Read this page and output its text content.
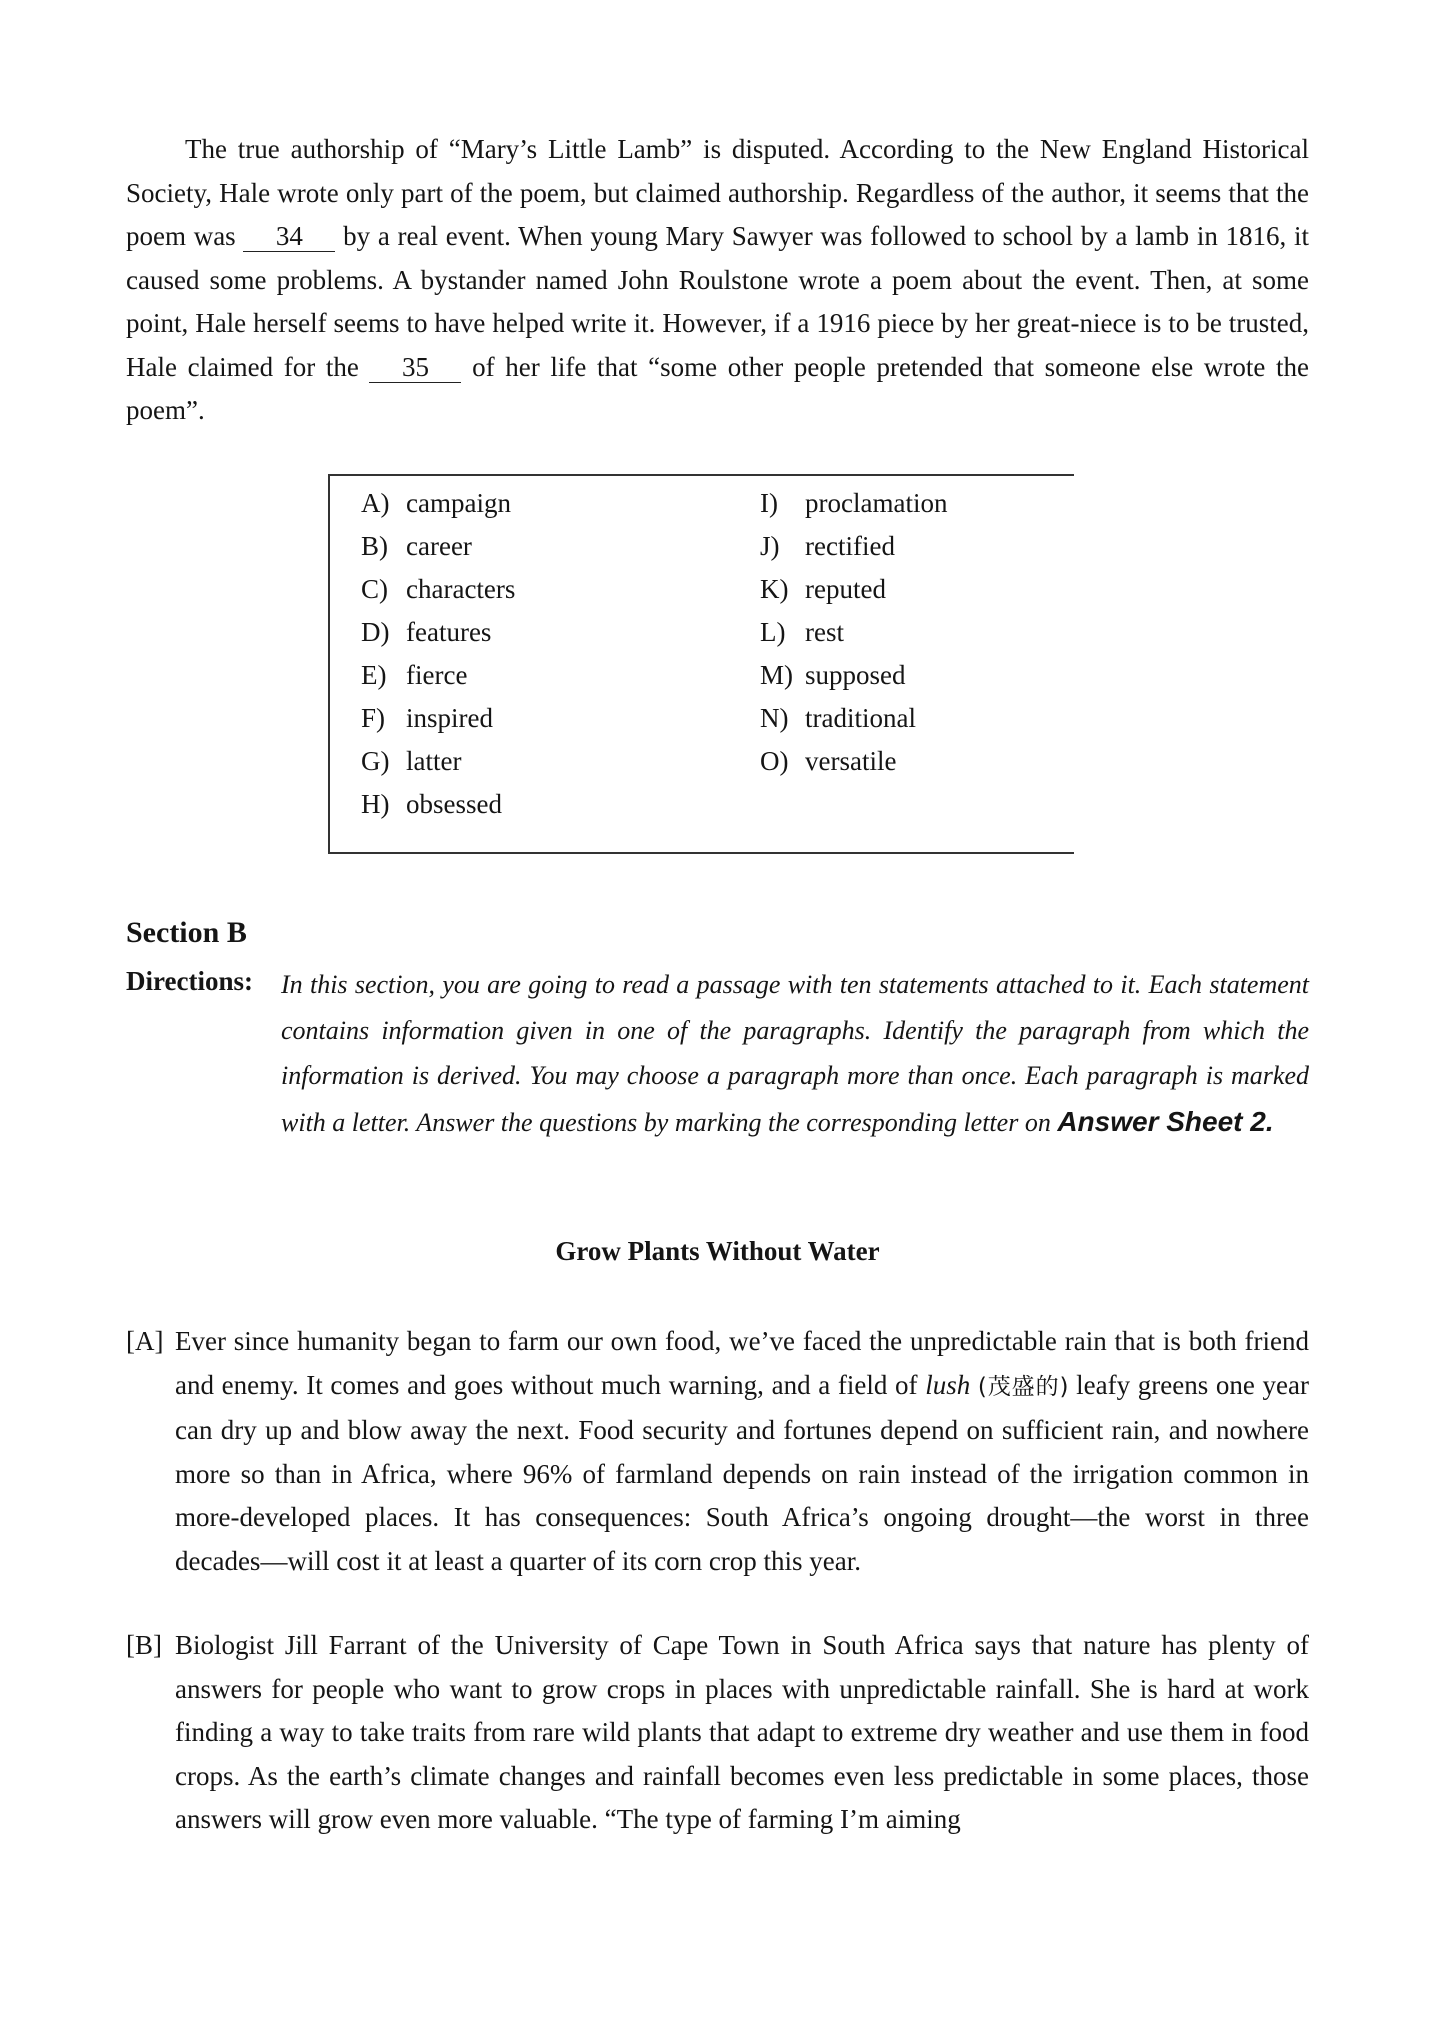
The true authorship of “Mary’s Little Lamb” is disputed. According to the New England Historical Society, Hale wrote only part of the poem, but claimed authorship. Regardless of the author, it seems that the poem was 34 by a real event. When young Mary Sawyer was followed to school by a lamb in 1816, it caused some problems. A bystander named John Roulstone wrote a poem about the event. Then, at some point, Hale herself seems to have helped write it. However, if a 1916 piece by her great-niece is to be trusted, Hale claimed for the 35 of her life that “some other people pretended that someone else wrote the poem”.
A) campaign
B) career
C) characters
D) features
E) fierce
F) inspired
G) latter
H) obsessed
I) proclamation
J) rectified
K) reputed
L) rest
M) supposed
N) traditional
O) versatile
Section B
Directions: In this section, you are going to read a passage with ten statements attached to it. Each statement contains information given in one of the paragraphs. Identify the paragraph from which the information is derived. You may choose a paragraph more than once. Each paragraph is marked with a letter. Answer the questions by marking the corresponding letter on Answer Sheet 2.
Grow Plants Without Water
[A] Ever since humanity began to farm our own food, we’ve faced the unpredictable rain that is both friend and enemy. It comes and goes without much warning, and a field of lush (茂盛的) leafy greens one year can dry up and blow away the next. Food security and fortunes depend on sufficient rain, and nowhere more so than in Africa, where 96% of farmland depends on rain instead of the irrigation common in more-developed places. It has consequences: South Africa’s ongoing drought—the worst in three decades—will cost it at least a quarter of its corn crop this year.
[B] Biologist Jill Farrant of the University of Cape Town in South Africa says that nature has plenty of answers for people who want to grow crops in places with unpredictable rainfall. She is hard at work finding a way to take traits from rare wild plants that adapt to extreme dry weather and use them in food crops. As the earth’s climate changes and rainfall becomes even less predictable in some places, those answers will grow even more valuable. “The type of farming I’m aiming
